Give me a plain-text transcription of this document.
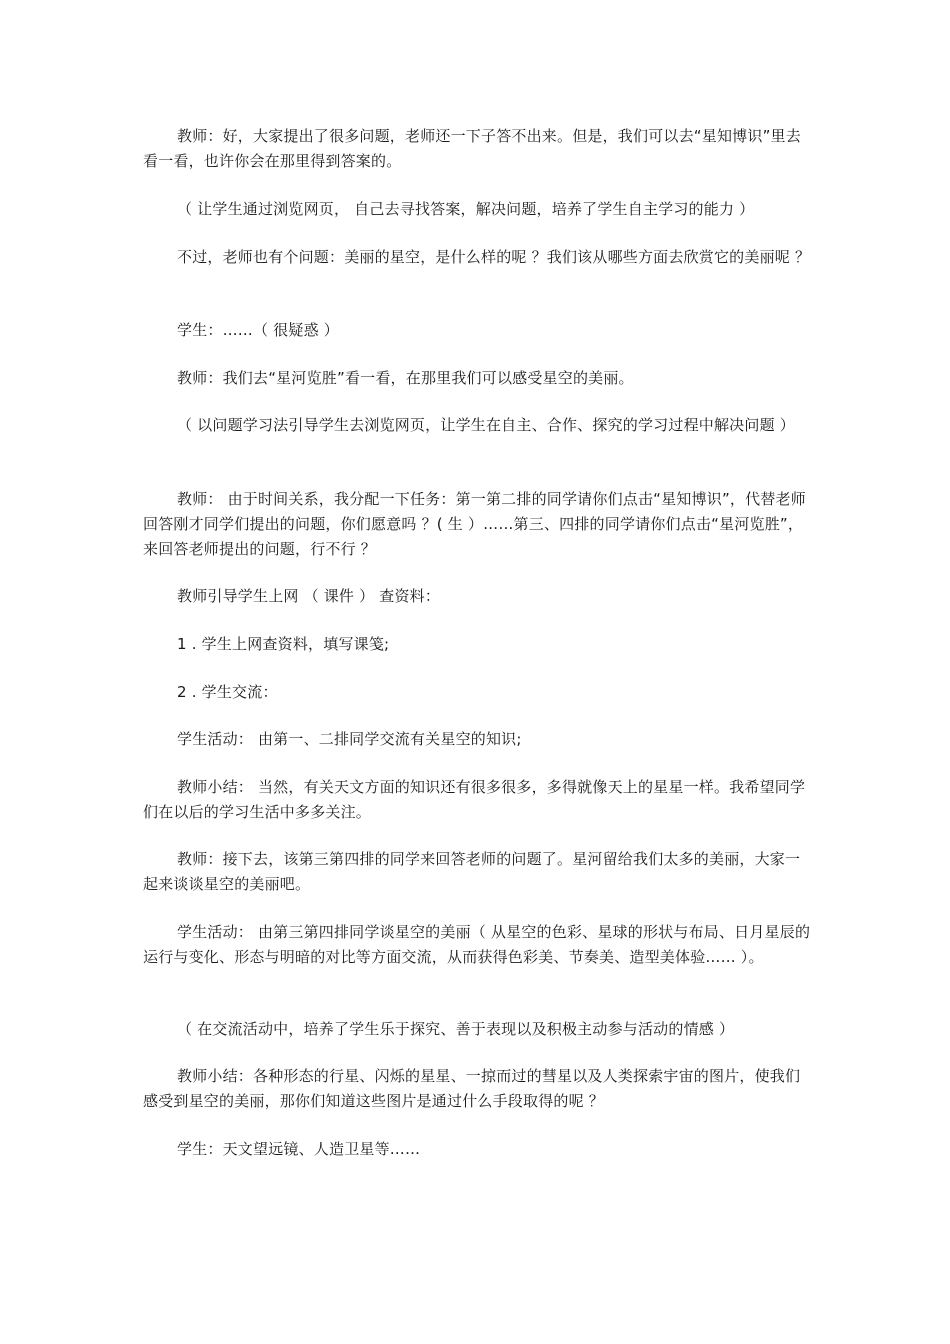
教师：好，大家提出了很多问题，老师还一下子答不出来。但是，我们可以去“星知博识”里去看一看，也许你会在那里得到答案的。

（ 让学生通过浏览网页， 自己去寻找答案，解决问题，培养了学生自主学习的能力 ）

不过，老师也有个问题：美丽的星空，是什么样的呢 ？我们该从哪些方面去欣赏它的美丽呢 ？

学生：……（ 很疑惑 ）

教师：我们去“星河览胜”看一看，在那里我们可以感受星空的美丽。

（ 以问题学习法引导学生去浏览网页，让学生在自主、合作、探究的学习过程中解决问题 ）

教师： 由于时间关系，我分配一下任务：第一第二排的同学请你们点击“星知博识”，代替老师回答刚才同学们提出的问题，你们愿意吗 ？( 生 ）……第三、四排的同学请你们点击“星河览胜”，来回答老师提出的问题，行不行 ？

教师引导学生上网 （ 课件 ） 查资料：

1 . 学生上网查资料，填写课笺;

2 . 学生交流：

学生活动： 由第一、二排同学交流有关星空的知识;

教师小结： 当然，有关天文方面的知识还有很多很多，多得就像天上的星星一样。我希望同学们在以后的学习生活中多多关注。

教师：接下去，该第三第四排的同学来回答老师的问题了。星河留给我们太多的美丽，大家一起来谈谈星空的美丽吧。

学生活动： 由第三第四排同学谈星空的美丽（ 从星空的色彩、星球的形状与布局、日月星辰的运行与变化、形态与明暗的对比等方面交流，从而获得色彩美、节奏美、造型美体验…… ）。

（ 在交流活动中，培养了学生乐于探究、善于表现以及积极主动参与活动的情感 ）

教师小结：各种形态的行星、闪烁的星星、一掠而过的彗星以及人类探索宇宙的图片，使我们感受到星空的美丽，那你们知道这些图片是通过什么手段取得的呢 ？

学生：天文望远镜、人造卫星等……
